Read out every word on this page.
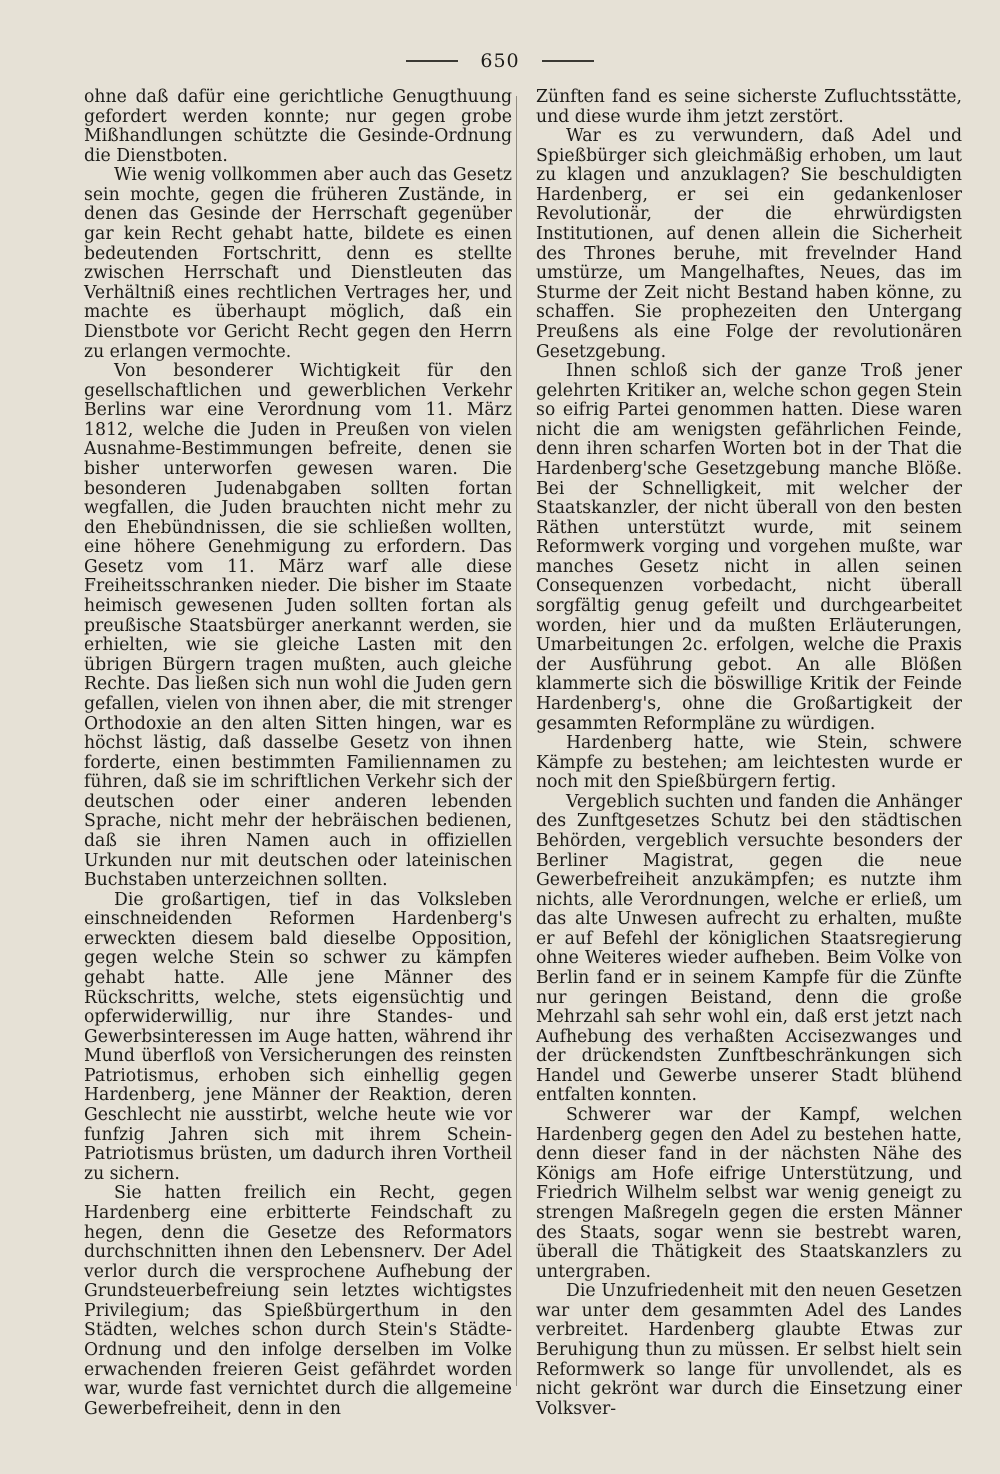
650

ohne daß dafür eine gerichtliche Genugthuung gefordert werden konnte; nur gegen grobe Mißhandlungen schützte die Gesinde-Ordnung die Dienstboten.

Wie wenig vollkommen aber auch das Gesetz sein mochte, gegen die früheren Zustände, in denen das Gesinde der Herrschaft gegenüber gar kein Recht gehabt hatte, bildete es einen bedeutenden Fortschritt, denn es stellte zwischen Herrschaft und Dienstleuten das Verhältniß eines rechtlichen Vertrages her, und machte es überhaupt möglich, daß ein Dienstbote vor Gericht Recht gegen den Herrn zu erlangen vermochte.

Von besonderer Wichtigkeit für den gesellschaftlichen und gewerblichen Verkehr Berlins war eine Verordnung vom 11. März 1812, welche die Juden in Preußen von vielen Ausnahme-Bestimmungen befreite, denen sie bisher unterworfen gewesen waren. Die besonderen Judenabgaben sollten fortan wegfallen, die Juden brauchten nicht mehr zu den Ehebündnissen, die sie schließen wollten, eine höhere Genehmigung zu erfordern. Das Gesetz vom 11. März warf alle diese Freiheitsschranken nieder. Die bisher im Staate heimisch gewesenen Juden sollten fortan als preußische Staatsbürger anerkannt werden, sie erhielten, wie sie gleiche Lasten mit den übrigen Bürgern tragen mußten, auch gleiche Rechte. Das ließen sich nun wohl die Juden gern gefallen, vielen von ihnen aber, die mit strenger Orthodoxie an den alten Sitten hingen, war es höchst lästig, daß dasselbe Gesetz von ihnen forderte, einen bestimmten Familiennamen zu führen, daß sie im schriftlichen Verkehr sich der deutschen oder einer anderen lebenden Sprache, nicht mehr der hebräischen bedienen, daß sie ihren Namen auch in offiziellen Urkunden nur mit deutschen oder lateinischen Buchstaben unterzeichnen sollten.

Die großartigen, tief in das Volksleben einschneidenden Reformen Hardenberg's erweckten diesem bald dieselbe Opposition, gegen welche Stein so schwer zu kämpfen gehabt hatte. Alle jene Männer des Rückschritts, welche, stets eigensüchtig und opferwiderwillig, nur ihre Standes- und Gewerbsinteressen im Auge hatten, während ihr Mund überfloß von Versicherungen des reinsten Patriotismus, erhoben sich einhellig gegen Hardenberg, jene Männer der Reaktion, deren Geschlecht nie ausstirbt, welche heute wie vor funfzig Jahren sich mit ihrem Schein-Patriotismus brüsten, um dadurch ihren Vortheil zu sichern.

Sie hatten freilich ein Recht, gegen Hardenberg eine erbitterte Feindschaft zu hegen, denn die Gesetze des Reformators durchschnitten ihnen den Lebensnerv. Der Adel verlor durch die versprochene Aufhebung der Grundsteuerbefreiung sein letztes wichtigstes Privilegium; das Spießbürgerthum in den Städten, welches schon durch Stein's Städte-Ordnung und den infolge derselben im Volke erwachenden freieren Geist gefährdet worden war, wurde fast vernichtet durch die allgemeine Gewerbefreiheit, denn in den

Zünften fand es seine sicherste Zufluchtsstätte, und diese wurde ihm jetzt zerstört.

War es zu verwundern, daß Adel und Spießbürger sich gleichmäßig erhoben, um laut zu klagen und anzuklagen? Sie beschuldigten Hardenberg, er sei ein gedankenloser Revolutionär, der die ehrwürdigsten Institutionen, auf denen allein die Sicherheit des Thrones beruhe, mit frevelnder Hand umstürze, um Mangelhaftes, Neues, das im Sturme der Zeit nicht Bestand haben könne, zu schaffen. Sie prophezeiten den Untergang Preußens als eine Folge der revolutionären Gesetzgebung.

Ihnen schloß sich der ganze Troß jener gelehrten Kritiker an, welche schon gegen Stein so eifrig Partei genommen hatten. Diese waren nicht die am wenigsten gefährlichen Feinde, denn ihren scharfen Worten bot in der That die Hardenberg'sche Gesetzgebung manche Blöße. Bei der Schnelligkeit, mit welcher der Staatskanzler, der nicht überall von den besten Räthen unterstützt wurde, mit seinem Reformwerk vorging und vorgehen mußte, war manches Gesetz nicht in allen seinen Consequenzen vorbedacht, nicht überall sorgfältig genug gefeilt und durchgearbeitet worden, hier und da mußten Erläuterungen, Umarbeitungen 2c. erfolgen, welche die Praxis der Ausführung gebot. An alle Blößen klammerte sich die böswillige Kritik der Feinde Hardenberg's, ohne die Großartigkeit der gesammten Reformpläne zu würdigen.

Hardenberg hatte, wie Stein, schwere Kämpfe zu bestehen; am leichtesten wurde er noch mit den Spießbürgern fertig.

Vergeblich suchten und fanden die Anhänger des Zunftgesetzes Schutz bei den städtischen Behörden, vergeblich versuchte besonders der Berliner Magistrat, gegen die neue Gewerbefreiheit anzukämpfen; es nutzte ihm nichts, alle Verordnungen, welche er erließ, um das alte Unwesen aufrecht zu erhalten, mußte er auf Befehl der königlichen Staatsregierung ohne Weiteres wieder aufheben. Beim Volke von Berlin fand er in seinem Kampfe für die Zünfte nur geringen Beistand, denn die große Mehrzahl sah sehr wohl ein, daß erst jetzt nach Aufhebung des verhaßten Accisezwanges und der drückendsten Zunftbeschränkungen sich Handel und Gewerbe unserer Stadt blühend entfalten konnten.

Schwerer war der Kampf, welchen Hardenberg gegen den Adel zu bestehen hatte, denn dieser fand in der nächsten Nähe des Königs am Hofe eifrige Unterstützung, und Friedrich Wilhelm selbst war wenig geneigt zu strengen Maßregeln gegen die ersten Männer des Staats, sogar wenn sie bestrebt waren, überall die Thätigkeit des Staatskanzlers zu untergraben.

Die Unzufriedenheit mit den neuen Gesetzen war unter dem gesammten Adel des Landes verbreitet. Hardenberg glaubte Etwas zur Beruhigung thun zu müssen. Er selbst hielt sein Reformwerk so lange für unvollendet, als es nicht gekrönt war durch die Einsetzung einer Volksver-
